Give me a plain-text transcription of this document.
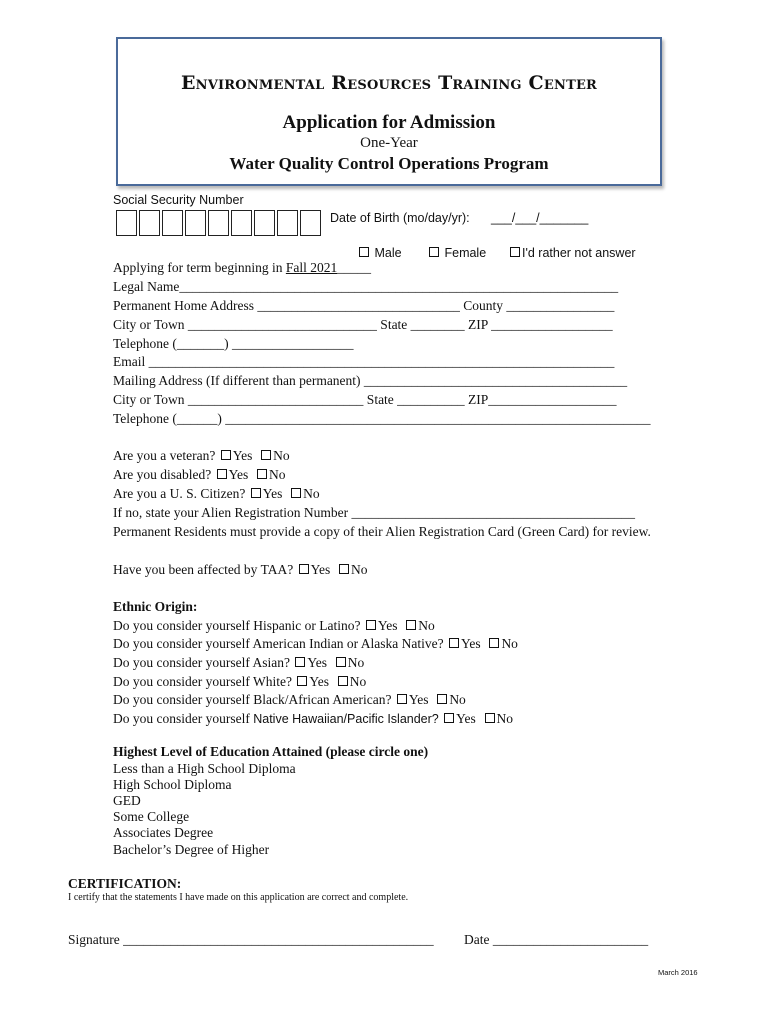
Environmental Resources Training Center
Application for Admission
One-Year
Water Quality Control Operations Program
Social Security Number
Date of Birth (mo/day/yr): ___/___/_______
Male	Female	I'd rather not answer
Applying for term beginning in Fall 2021_____
Legal Name_________________________________________________________________
Permanent Home Address ______________________________ County ________________
City or Town ____________________________ State ________ ZIP __________________
Telephone (_______) __________________
Email _____________________________________________________________________
Mailing Address (If different than permanent) _______________________________________
City or Town __________________________ State __________ ZIP___________________
Telephone (______) _______________________________________________________________
Are you a veteran? Yes No
Are you disabled? Yes No
Are you a U. S. Citizen? Yes No
If no, state your Alien Registration Number __________________________________________
Permanent Residents must provide a copy of their Alien Registration Card (Green Card) for review.
Have you been affected by TAA? Yes No
Ethnic Origin:
Do you consider yourself Hispanic or Latino? Yes No
Do you consider yourself American Indian or Alaska Native? Yes No
Do you consider yourself Asian? Yes No
Do you consider yourself White? Yes No
Do you consider yourself Black/African American? Yes No
Do you consider yourself Native Hawaiian/Pacific Islander? Yes No
Highest Level of Education Attained (please circle one)
Less than a High School Diploma
High School Diploma
GED
Some College
Associates Degree
Bachelor’s Degree of Higher
CERTIFICATION:
I certify that the statements I have made on this application are correct and complete.
Signature ______________________________________________ Date _______________________
March 2016
